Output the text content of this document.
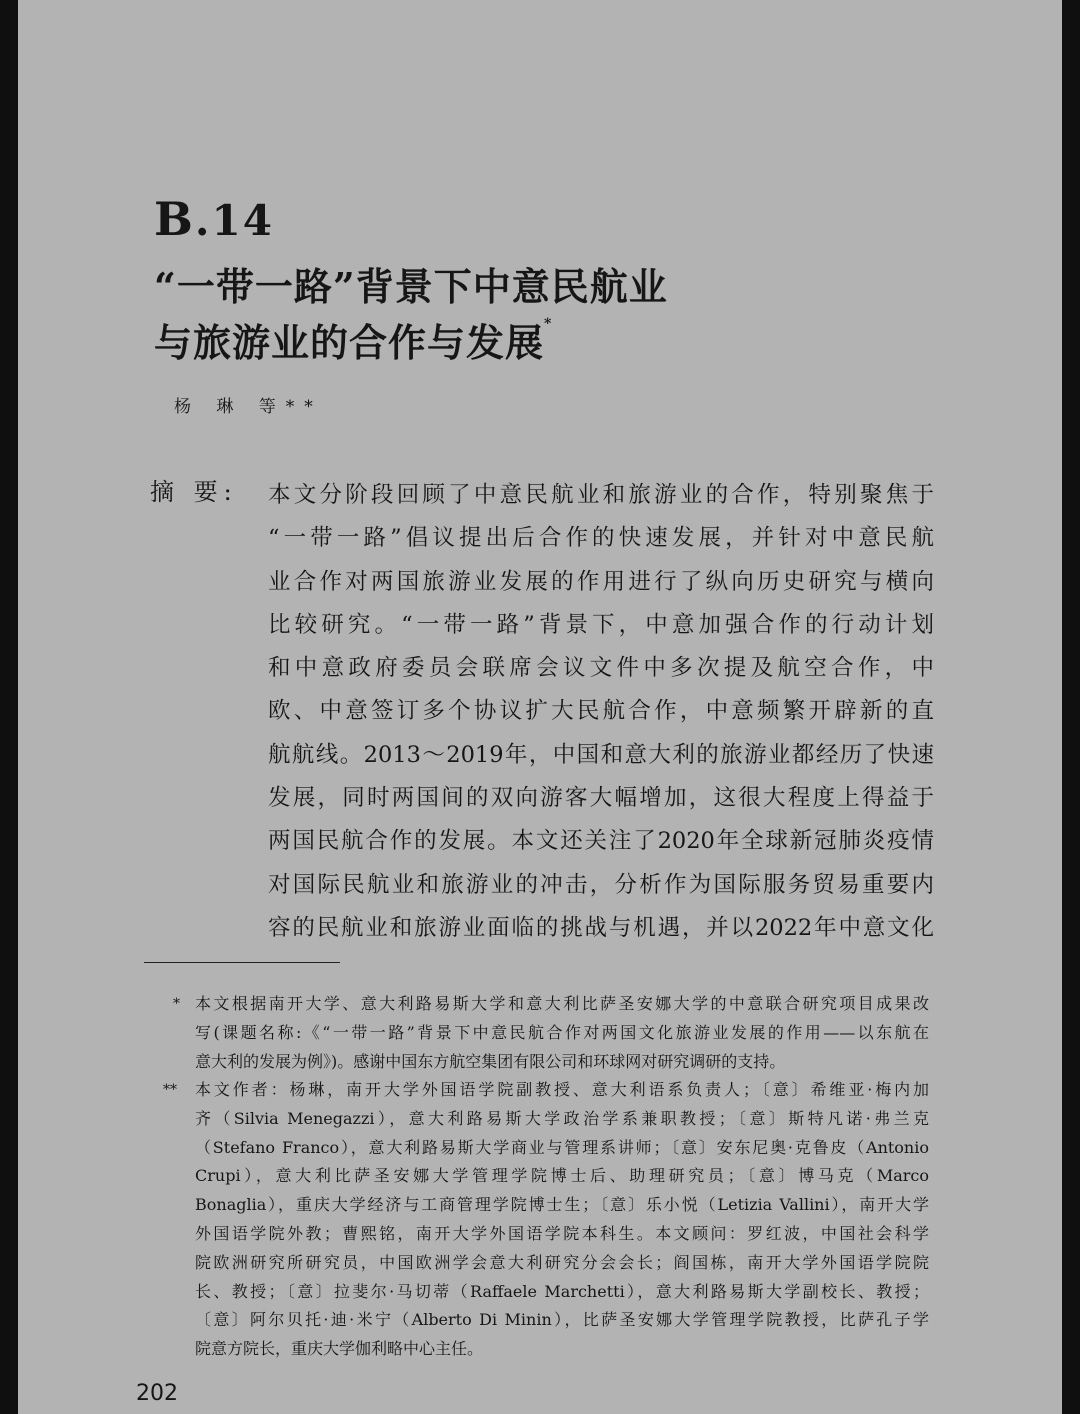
B.14
“一带一路”背景下中意民航业
与旅游业的合作与发展*
杨 琳 等**
摘 要: 本文分阶段回顾了中意民航业和旅游业的合作，特别聚焦于
“一带一路”倡议提出后合作的快速发展，并针对中意民航
业合作对两国旅游业发展的作用进行了纵向历史研究与横向
比较研究。“一带一路”背景下，中意加强合作的行动计划
和中意政府委员会联席会议文件中多次提及航空合作，中
欧、中意签订多个协议扩大民航合作，中意频繁开辟新的直
航航线。2013～2019年，中国和意大利的旅游业都经历了快速
发展，同时两国间的双向游客大幅增加，这很大程度上得益于
两国民航合作的发展。本文还关注了2020年全球新冠肺炎疫情
对国际民航业和旅游业的冲击，分析作为国际服务贸易重要内
容的民航业和旅游业面临的挑战与机遇，并以2022年中意文化
* 本文根据南开大学、意大利路易斯大学和意大利比萨圣安娜大学的中意联合研究项目成果改
写(课题名称:《“一带一路”背景下中意民航合作对两国文化旅游业发展的作用——以东航在
意大利的发展为例》)。感谢中国东方航空集团有限公司和环球网对研究调研的支持。
**	本文作者：杨琳，南开大学外国语学院副教授、意大利语系负责人；〔意〕希维亚·梅内加
齐（Silvia Menegazzi），意大利路易斯大学政治学系兼职教授；〔意〕斯特凡诺·弗兰克
（Stefano Franco），意大利路易斯大学商业与管理系讲师；〔意〕安东尼奥·克鲁皮（Antonio
Crupi），意大利比萨圣安娜大学管理学院博士后、助理研究员；〔意〕博马克（Marco
Bonaglia），重庆大学经济与工商管理学院博士生；〔意〕乐小悦（Letizia Vallini），南开大学
外国语学院外教；曹熙铭，南开大学外国语学院本科生。本文顾问：罗红波，中国社会科学
院欧洲研究所研究员，中国欧洲学会意大利研究分会会长；阎国栋，南开大学外国语学院院
长、教授；〔意〕拉斐尔·马切蒂（Raffaele Marchetti），意大利路易斯大学副校长、教授；
〔意〕阿尔贝托·迪·米宁（Alberto Di Minin），比萨圣安娜大学管理学院教授，比萨孔子学
院意方院长，重庆大学伽利略中心主任。
202
